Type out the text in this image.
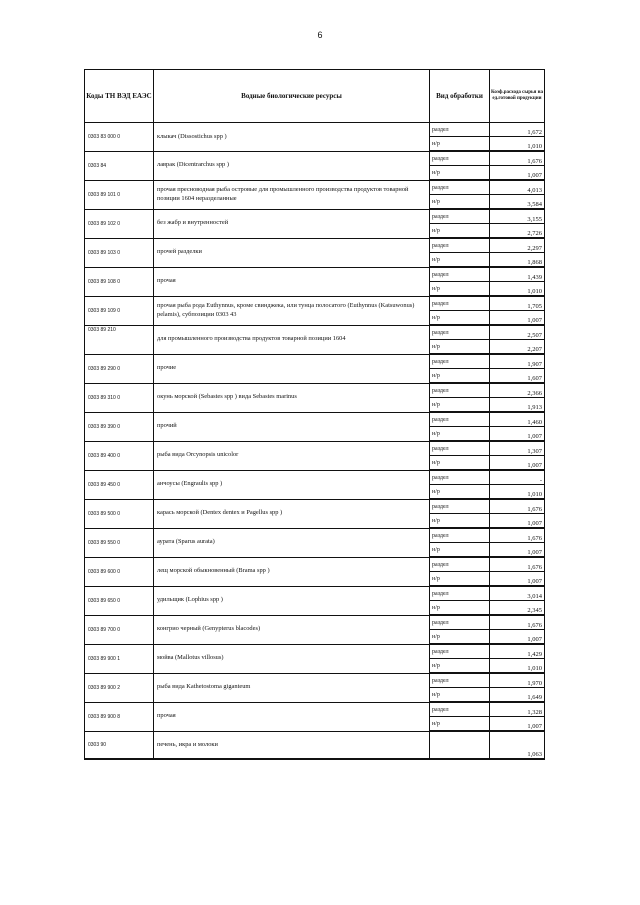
6
Коды ТН ВЭД ЕАЭС	Водные биологические ресурсы	Вид обработки	Коэф.расхода сырья на ед.готовой продукции
0303 83 000 0	клыкач (Dissostichus spp )	раздел	1,672
		н/р	1,010
0303 84	лаврак (Dicentrarchus spp )	раздел	1,676
		н/р	1,007
0303 89 101 0	прочая пресноводная рыба островые для промышленного производства продуктов товарной позиции 1604 неразделанные	раздел	4,013
		н/р	3,584
0303 89 102 0	без жабр и внутренностей	раздел	3,155
		н/р	2,726
0303 89 103 0	прочей разделки	раздел	2,297
		н/р	1,868
0303 89 108 0	прочая	раздел	1,439
		н/р	1,010
0303 89 109 0	прочая рыба рода Euthynnus, кроме свинджека, или тунца полосатого (Euthynnus (Katsuwonus) pelamis), субпозиции 0303 43	раздел	1,705
		н/р	1,007
0303 89 210	для промышленного производства продуктов товарной позиции 1604	раздел	2,507
		н/р	2,207
0303 89 290 0	прочие	раздел	1,907
		н/р	1,607
0303 89 310 0	окунь морской (Sebastes spp ) вида Sebastes marinus	раздел	2,366
		н/р	1,913
0303 89 390 0	прочий	раздел	1,460
		н/р	1,007
0303 89 400 0	рыба вида Orcynopsis unicolor	раздел	1,307
		н/р	1,007
0303 89 450 0	анчоусы (Engraulis spp )	раздел	-
		н/р	1,010
0303 89 500 0	карась морской (Dentex dentex и Pagellus spp )	раздел	1,676
		н/р	1,007
0303 89 550 0	аурата (Sparus aurata)	раздел	1,676
		н/р	1,007
0303 89 600 0	лещ морской обыкновенный (Brama spp )	раздел	1,676
		н/р	1,007
0303 89 650 0	удильщик (Lophius spp )	раздел	3,014
		н/р	2,345
0303 89 700 0	конгрио черный (Genypterus blacodes)	раздел	1,676
		н/р	1,007
0303 89 900 1	мойва (Mallotus villosus)	раздел	1,429
		н/р	1,010
0303 89 900 2	рыба вида Kathetostoma giganteum	раздел	1,970
		н/р	1,649
0303 89 900 8	прочая	раздел	1,328
		н/р	1,007
0303 90	печень, икра и молоки		1,063
